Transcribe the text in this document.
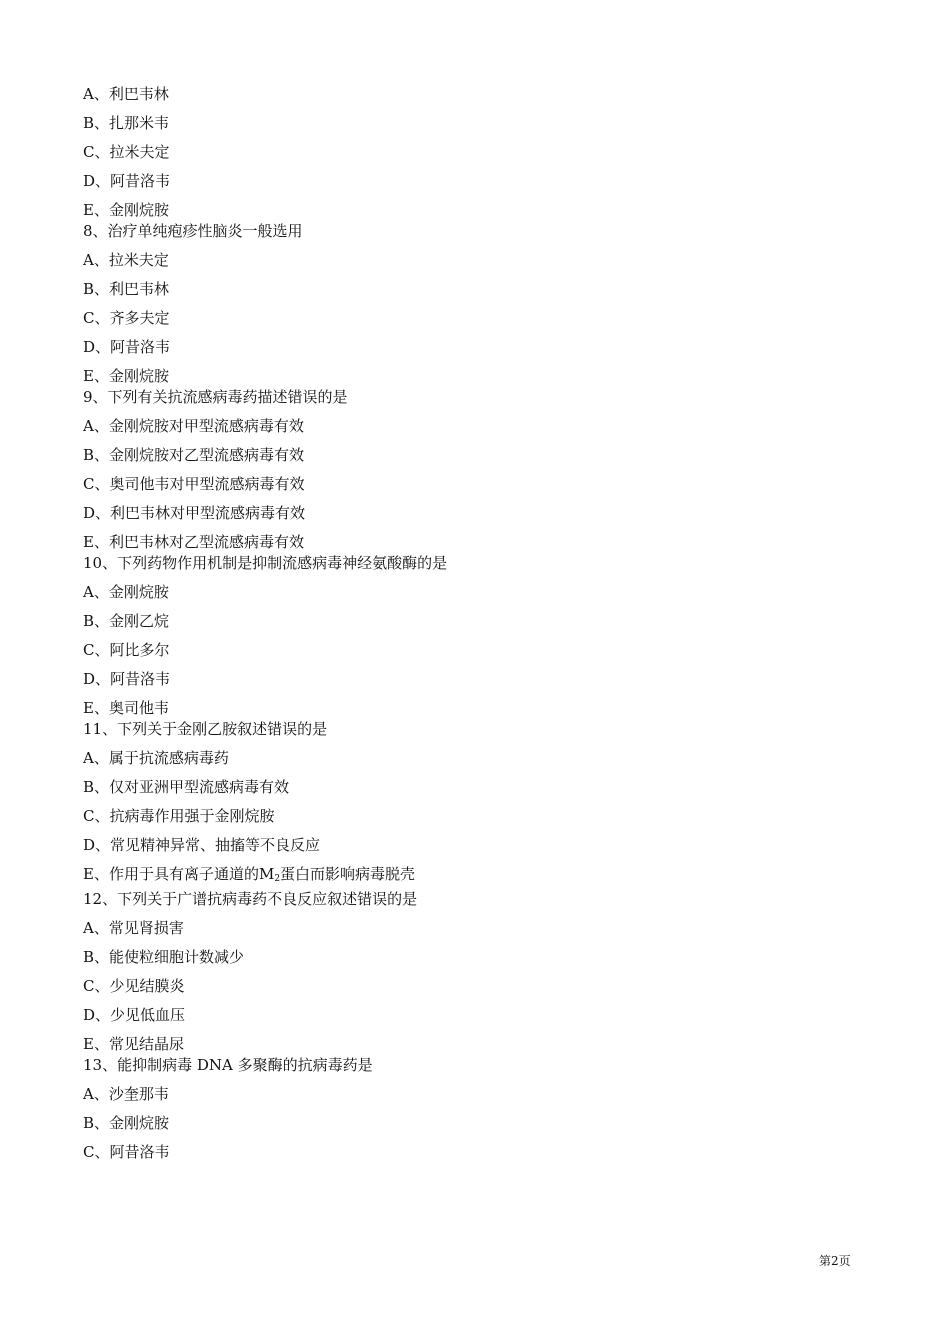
A、利巴韦林

B、扎那米韦

C、拉米夫定

D、阿昔洛韦

E、金刚烷胺

8、治疗单纯疱疹性脑炎一般选用

A、拉米夫定

B、利巴韦林

C、齐多夫定

D、阿昔洛韦

E、金刚烷胺

9、下列有关抗流感病毒药描述错误的是

A、金刚烷胺对甲型流感病毒有效

B、金刚烷胺对乙型流感病毒有效

C、奥司他韦对甲型流感病毒有效

D、利巴韦林对甲型流感病毒有效

E、利巴韦林对乙型流感病毒有效

10、下列药物作用机制是抑制流感病毒神经氨酸酶的是

A、金刚烷胺

B、金刚乙烷

C、阿比多尔

D、阿昔洛韦

E、奥司他韦

11、下列关于金刚乙胺叙述错误的是

A、属于抗流感病毒药

B、仅对亚洲甲型流感病毒有效

C、抗病毒作用强于金刚烷胺

D、常见精神异常、抽搐等不良反应

E、作用于具有离子通道的$M_2$蛋白而影响病毒脱壳

12、下列关于广谱抗病毒药不良反应叙述错误的是

A、常见肾损害

B、能使粒细胞计数减少

C、少见结膜炎

D、少见低血压

E、常见结晶尿

13、能抑制病毒 DNA 多聚酶的抗病毒药是

A、沙奎那韦

B、金刚烷胺

C、阿昔洛韦

第2页
